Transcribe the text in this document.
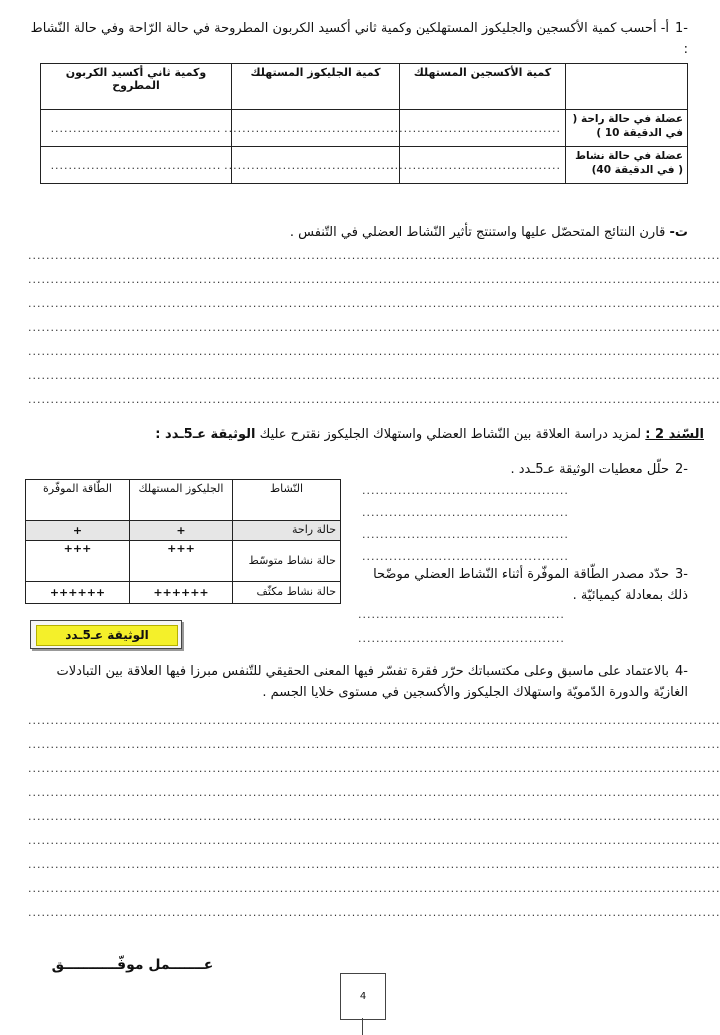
-1
أ- أحسب كمية الأكسجين والجليكوز المستهلكين وكمية ثاني أكسيد الكربون المطروحة في حالة الرّاحة وفي حالة النّشاط :
	كمية الأكسجين المستهلك	كمية الجليكوز المستهلك	وكمية ثاني أكسيد الكربون المطروح
عضلة في حالة راحة ( في الدقيقة 10 )	......................................	......................................	......................................
عضلة في حالة نشاط ( في الدقيقة 40)	......................................	......................................	......................................
ت- قارن النتائج المتحصّل عليها واستنتج تأثير النّشاط العضلي في التّنفس .
..........................................................................................................................................................
..........................................................................................................................................................
..........................................................................................................................................................
..........................................................................................................................................................
..........................................................................................................................................................
..........................................................................................................................................................
..........................................................................................................................................................
السّند 2 : لمزيد دراسة العلاقة بين النّشاط العضلي واستهلاك الجليكوز نقترح عليك الوثيقة عـ5ـدد :
-2
حلّل معطيات الوثيقة عـ5ـدد .
..............................................
..............................................
..............................................
..............................................
-3
حدّد مصدر الطّاقة الموفّرة أثناء النّشاط العضلي موضّحا ذلك بمعادلة كيميائيّة .
..............................................
..............................................
النّشاط	الجليكوز المستهلك	الطّاقة الموفّرة
حالة راحة	+	+
حالة نشاط متوسّط	+++	+++
حالة نشاط مكثّف	++++++	++++++
الوثيقة عـ5ـدد
-4
بالاعتماد على ماسبق وعلى مكتسباتك حرّر فقرة تفسّر فيها المعنى الحقيقي للتّنفس مبرزا فيها العلاقة بين التبادلات الغازيّة والدورة الدّمويّة واستهلاك الجليكوز والأكسجين في مستوى خلايا الجسم .
..........................................................................................................................................................
..........................................................................................................................................................
..........................................................................................................................................................
..........................................................................................................................................................
..........................................................................................................................................................
..........................................................................................................................................................
..........................................................................................................................................................
..........................................................................................................................................................
..........................................................................................................................................................
عـــــــمل موفّـــــــــــق
4
